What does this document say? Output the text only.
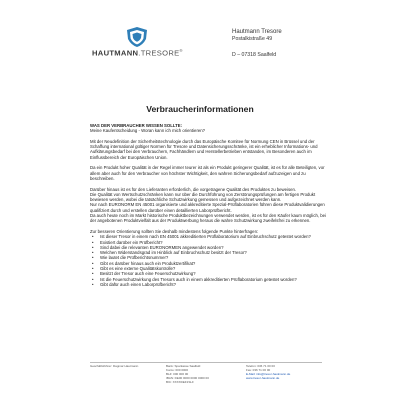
HAUTMANN.TRESORE®
Hautmann Tresore
Postalkistraße 49
D – 07318 Saalfeld
Verbraucherinformationen

WAS DER VERBRAUCHER WISSEN SOLLTE:

Meine Kaufentscheidung - Woran kann ich mich orientieren?

Mit der Neudefinition der Sicherheitstechnologie durch das Europäische Komitee für Normung CEN in Brüssel und der Schaffung international gültiger Normen für Tresore und Datensicherungsschränke, ist ein erheblicher Informations- und Aufklärungsbedarf bei den Verbrauchern, Fachhändlern und Herstellerbetrieben entstanden, im Besonderen auch im Einflussbereich der Europäischen Union.

Da ein Produkt hoher Qualität in der Regel immer teurer ist als ein Produkt geringerer Qualität, ist es für alle Beteiligten, vor allem aber auch für den Verbraucher von höchster Wichtigkeit, den wahren Sicherungsbedarf aufzuzeigen und zu beschreiben.

Darüber hinaus ist es für den Lieferanten erforderlich, die vorgetragene Qualität des Produktes zu beweisen.
Die Qualität von Wertschutzschränken kann nur über die Durchführung von Zerstörungsprüfungen am fertigen Produkt bewiesen werden, wobei die tatsächliche Schutzwirkung gemessen und aufgezeichnet werden kann.
Nur nach EURONORM EN 45001 organisierte und akkreditierte Spezial-Prüflaboratorien führen diese Produktvalidierungen qualifiziert durch und erstellen darüber einen detaillierten Laborprüfbericht.
Da auch heute noch im Markt historische Produktbezeichnungen verwendet werden, ist es für den Käufer kaum möglich, bei der angebotenen Produktvielfalt aus der Produktwerbung heraus die wahre Schutzwirkung zweifelsfrei zu erkennen.

Zur besseren Orientierung sollten Sie deshalb mindestens folgende Punkte hinterfragen:

• Ist dieser Tresor in einem nach EN 45001 akkreditierten Prüflaboratorium auf Einbruchschutz getestet worden?
• Existiert darüber ein Prüfbericht?
• Sind dabei die relevanten EURONORMEN angewendet worden?
• Welchen Widerstandsgrad im Hinblick auf Einbruchschutz besitzt der Tresor?
• Wie lautet die Prüfberichtsnummer?
• Gibt es darüber hinaus auch ein Produktzertifikat?
• Gibt es eine externe Qualitätskontrolle?
• Besitzt der Tresor auch eine Feuerschutzwirkung?
• Ist die Feuerschutzwirkung des Tresors auch in einem akkreditierten Prüflaboratorium getestet worden?
• Gibt dafür auch einen Laborprüfbericht?
Geschäftsführer: Dagmar Hautmann	Bank: Sparkasse Saalfeld
Konto: 000 0000
BLZ: 000 000 00
IBAN: DE00 0000 0000 0000 00
BIC: XXXXDEF1SLF
Telefon: 036 71 00 00
Fax: 036 71 00 00
E-Mail: info@tresor-hautmann.de
www.tresor-hautmann.de
